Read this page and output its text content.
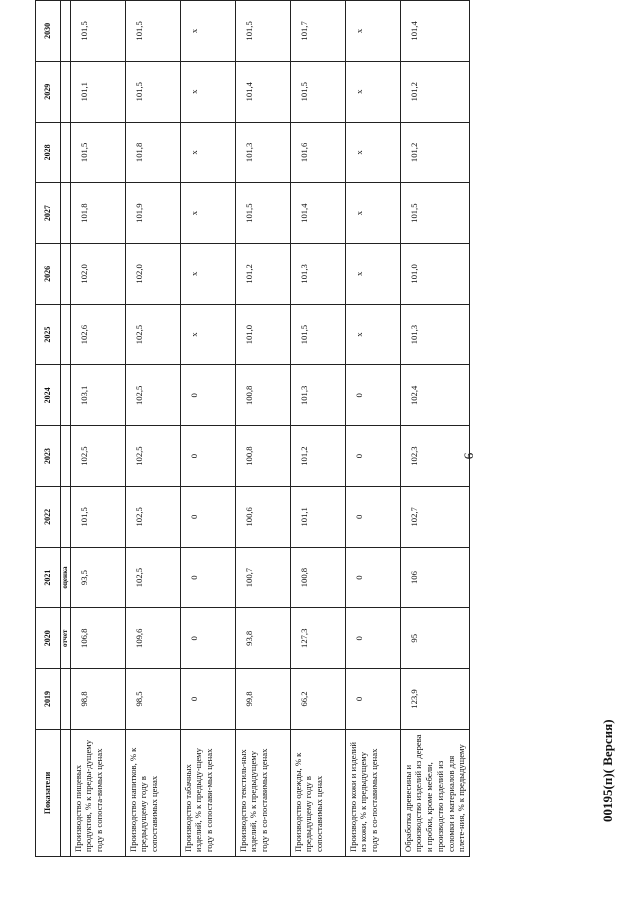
9
Показатели	2019	2020	2021	2022	2023	2024	2025	2026	2027	2028	2029	2030
		отчет	оценка									
Производство пищевых продуктов, % к преды-дущему году в сопоста-вимых ценах	98,8	106,8	93,5	101,5	102,5	103,1	102,6	102,0	101,8	101,5	101,1	101,5
Производство напитков, % к предыдущему году в сопоставимых ценах	98,5	109,6	102,5	102,5	102,5	102,5	102,5	102,0	101,9	101,8	101,5	101,5
Производство табачных изделий, % к предыду-щему году в сопостави-мых ценах	0	0	0	0	0	0	х	х	х	х	х	х
Производство текстиль-ных изделий, % к предыдущему году в со-поставимых ценах	99,8	93,8	100,7	100,6	100,8	100,8	101,0	101,2	101,5	101,3	101,4	101,5
Производство одежды, % к предыдущему году в сопоставимых ценах	66,2	127,3	100,8	101,1	101,2	101,3	101,5	101,3	101,4	101,6	101,5	101,7
Производство кожи и изделий из кожи, % к предыдущему году в со-поставимых ценах	0	0	0	0	0	0	х	х	х	х	х	х
Обработка древесины и производство изделий из дерева и пробки, кроме мебели, производство изделий из соломки и материалов для плете-ния, % к предыдущему	123,9	95	106	102,7	102,3	102,4	101,3	101,0	101,5	101,2	101,2	101,4
00195(п)( Версия)
